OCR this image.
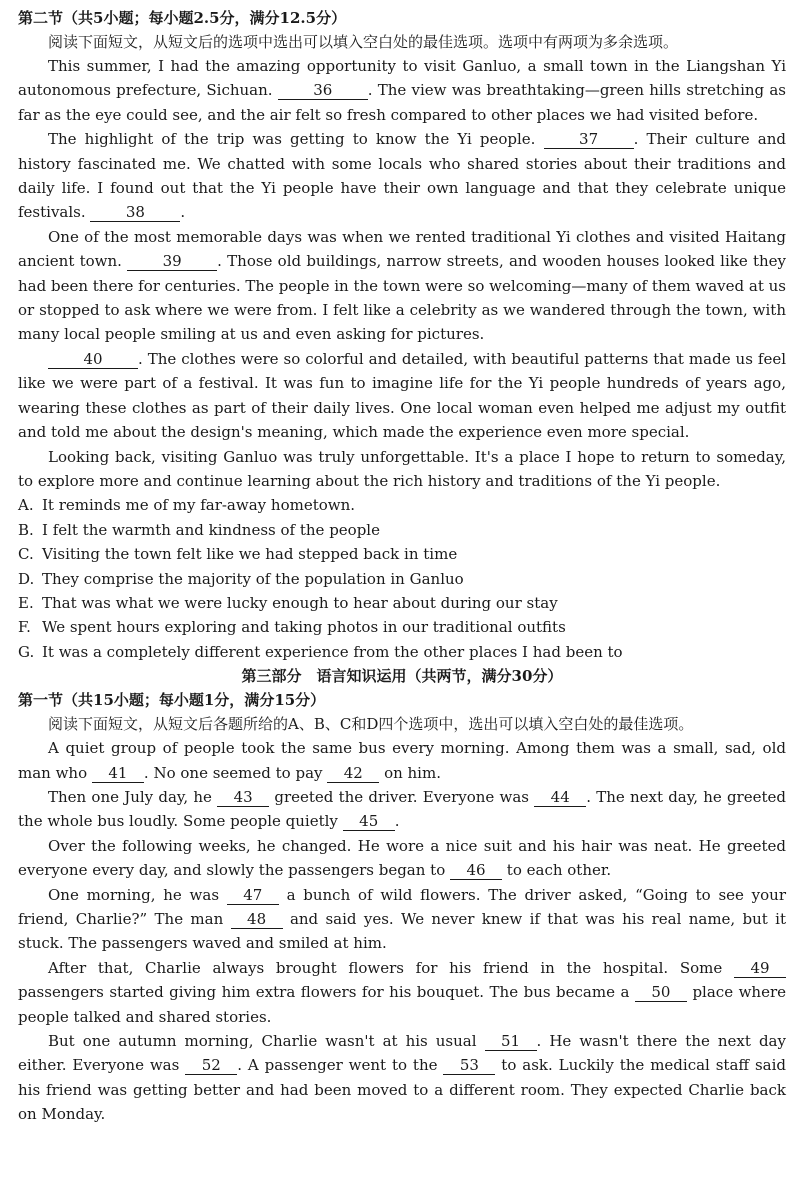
第二节（共5小题；每小题2.5分，满分12.5分）

阅读下面短文，从短文后的选项中选出可以填入空白处的最佳选项。选项中有两项为多余选项。

This summer, I had the amazing opportunity to visit Ganluo, a small town in the Liangshan Yi autonomous prefecture, Sichuan.	36 . The view was breathtaking—green hills stretching as far as the eye could see, and the air felt so fresh compared to other places we had visited before.

The highlight of the trip was getting to know the Yi people.	37 . Their culture and history fascinated me. We chatted with some locals who shared stories about their traditions and daily life. I found out that the Yi people have their own language and that they celebrate unique festivals.	38 .

One of the most memorable days was when we rented traditional Yi clothes and visited Haitang ancient town.	39 . Those old buildings, narrow streets, and wooden houses looked like they had been there for centuries. The people in the town were so welcoming—many of them waved at us or stopped to ask where we were from. I felt like a celebrity as we wandered through the town, with many local people smiling at us and even asking for pictures.

40 . The clothes were so colorful and detailed, with beautiful patterns that made us feel like we were part of a festival. It was fun to imagine life for the Yi people hundreds of years ago, wearing these clothes as part of their daily lives. One local woman even helped me adjust my outfit and told me about the design's meaning, which made the experience even more special.

Looking back, visiting Ganluo was truly unforgettable. It's a place I hope to return to someday, to explore more and continue learning about the rich history and traditions of the Yi people.

A. It reminds me of my far-away hometown.
B. I felt the warmth and kindness of the people
C. Visiting the town felt like we had stepped back in time
D. They comprise the majority of the population in Ganluo
E. That was what we were lucky enough to hear about during our stay
F. We spent hours exploring and taking photos in our traditional outfits
G. It was a completely different experience from the other places I had been to

第三部分　语言知识运用（共两节，满分30分）

第一节（共15小题；每小题1分，满分15分）

阅读下面短文，从短文后各题所给的A、B、C和D四个选项中，选出可以填入空白处的最佳选项。

A quiet group of people took the same bus every morning. Among them was a small, sad, old man who 41 . No one seemed to pay 42 on him.

Then one July day, he 43 greeted the driver. Everyone was 44 . The next day, he greeted the whole bus loudly. Some people quietly 45 .

Over the following weeks, he changed. He wore a nice suit and his hair was neat. He greeted everyone every day, and slowly the passengers began to 46 to each other.

One morning, he was 47 a bunch of wild flowers. The driver asked, “Going to see your friend, Charlie?” The man 48 and said yes. We never knew if that was his real name, but it stuck. The passengers waved and smiled at him.

After that, Charlie always brought flowers for his friend in the hospital. Some 49 passengers started giving him extra flowers for his bouquet. The bus became a 50 place where people talked and shared stories.

But one autumn morning, Charlie wasn't at his usual 51 . He wasn't there the next day either. Everyone was 52 . A passenger went to the 53 to ask. Luckily the medical staff said his friend was getting better and had been moved to a different room. They expected Charlie back on Monday.
